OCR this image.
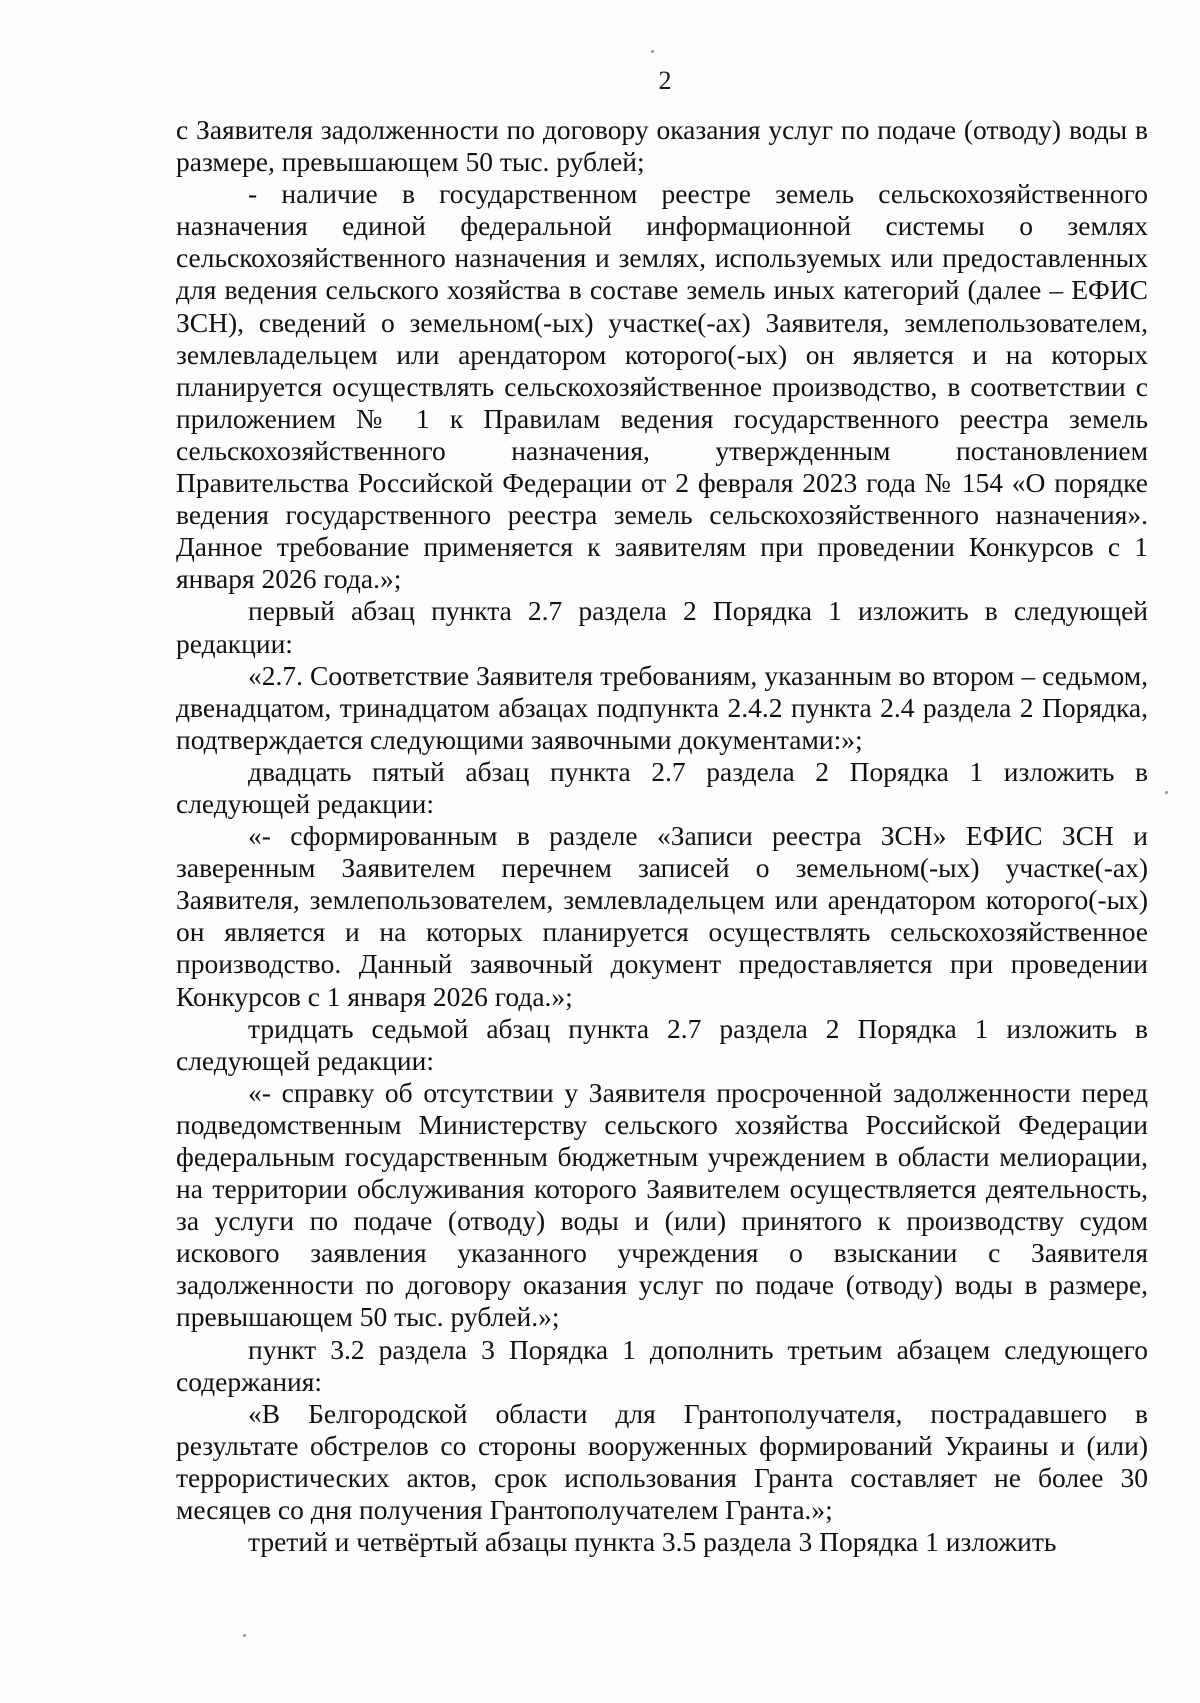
2

с Заявителя задолженности по договору оказания услуг по подаче (отводу) воды в размере, превышающем 50 тыс. рублей;

- наличие в государственном реестре земель сельскохозяйственного назначения единой федеральной информационной системы о землях сельскохозяйственного назначения и землях, используемых или предоставленных для ведения сельского хозяйства в составе земель иных категорий (далее – ЕФИС ЗСН), сведений о земельном(-ых) участке(-ах) Заявителя, землепользователем, землевладельцем или арендатором которого(-ых) он является и на которых планируется осуществлять сельскохозяйственное производство, в соответствии с приложением № 1 к Правилам ведения государственного реестра земель сельскохозяйственного назначения, утвержденным постановлением Правительства Российской Федерации от 2 февраля 2023 года № 154 «О порядке ведения государственного реестра земель сельскохозяйственного назначения». Данное требование применяется к заявителям при проведении Конкурсов с 1 января 2026 года.»;

первый абзац пункта 2.7 раздела 2 Порядка 1 изложить в следующей редакции:

«2.7. Соответствие Заявителя требованиям, указанным во втором – седьмом, двенадцатом, тринадцатом абзацах подпункта 2.4.2 пункта 2.4 раздела 2 Порядка, подтверждается следующими заявочными документами:»;

двадцать пятый абзац пункта 2.7 раздела 2 Порядка 1 изложить в следующей редакции:

«- сформированным в разделе «Записи реестра ЗСН» ЕФИС ЗСН и заверенным Заявителем перечнем записей о земельном(-ых) участке(-ах) Заявителя, землепользователем, землевладельцем или арендатором которого(-ых) он является и на которых планируется осуществлять сельскохозяйственное производство. Данный заявочный документ предоставляется при проведении Конкурсов с 1 января 2026 года.»;

тридцать седьмой абзац пункта 2.7 раздела 2 Порядка 1 изложить в следующей редакции:

«- справку об отсутствии у Заявителя просроченной задолженности перед подведомственным Министерству сельского хозяйства Российской Федерации федеральным государственным бюджетным учреждением в области мелиорации, на территории обслуживания которого Заявителем осуществляется деятельность, за услуги по подаче (отводу) воды и (или) принятого к производству судом искового заявления указанного учреждения о взыскании с Заявителя задолженности по договору оказания услуг по подаче (отводу) воды в размере, превышающем 50 тыс. рублей.»;

пункт 3.2 раздела 3 Порядка 1 дополнить третьим абзацем следующего содержания:

«В Белгородской области для Грантополучателя, пострадавшего в результате обстрелов со стороны вооруженных формирований Украины и (или) террористических актов, срок использования Гранта составляет не более 30 месяцев со дня получения Грантополучателем Гранта.»;

третий и четвёртый абзацы пункта 3.5 раздела 3 Порядка 1 изложить
